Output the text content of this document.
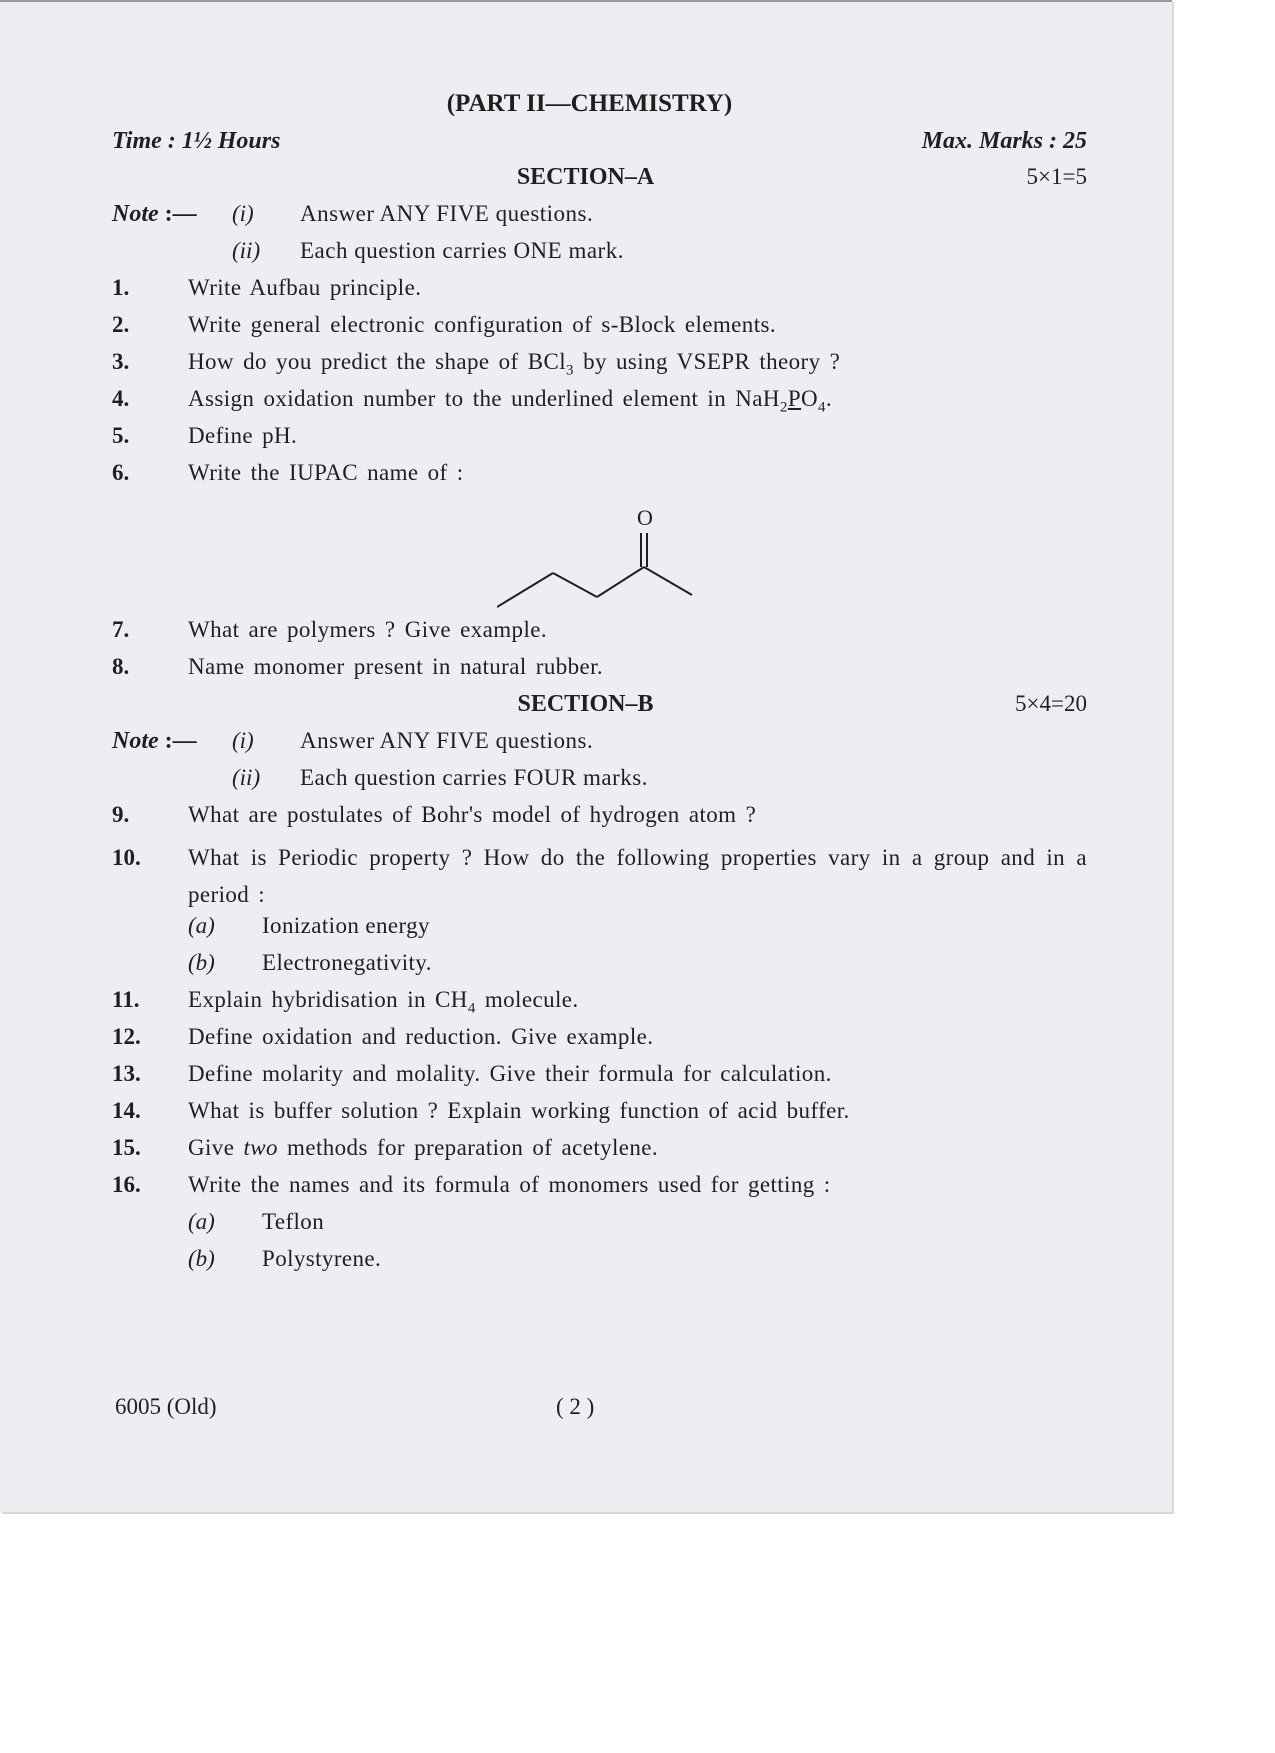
(PART II—CHEMISTRY)
Time : 1½ Hours	Max. Marks : 25
SECTION–A	5×1=5
Note :—	(i)	Answer ANY FIVE questions.
(ii)	Each question carries ONE mark.
1.	Write Aufbau principle.
2.	Write general electronic configuration of s-Block elements.
3.	How do you predict the shape of BCl$_3$ by using VSEPR theory ?
4.	Assign oxidation number to the underlined element in $NaH_2PO_4$.
5.	Define pH.
6.	Write the IUPAC name of :
O
7.	What are polymers ? Give example.
8.	Name monomer present in natural rubber.
SECTION–B	5×4=20
Note :—	(i)	Answer ANY FIVE questions.
(ii)	Each question carries FOUR marks.
9.	What are postulates of Bohr's model of hydrogen atom ?
10.	What is Periodic property ? How do the following properties vary in a group and in a period :
(a)	Ionization energy
(b)	Electronegativity.
11.	Explain hybridisation in $CH_4$ molecule.
12.	Define oxidation and reduction. Give example.
13.	Define molarity and molality. Give their formula for calculation.
14.	What is buffer solution ? Explain working function of acid buffer.
15.	Give two methods for preparation of acetylene.
16.	Write the names and its formula of monomers used for getting :
(a)	Teflon
(b)	Polystyrene.
6005 (Old)	( 2 )
